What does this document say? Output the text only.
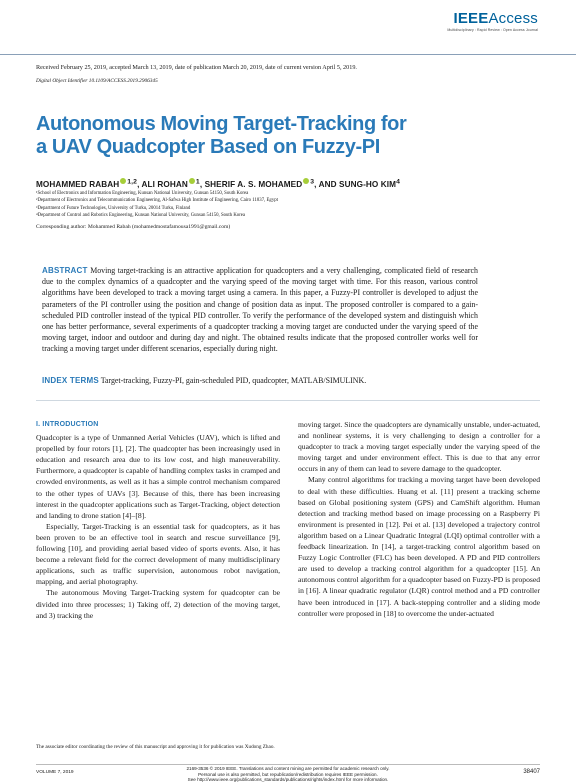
IEEEAccess
Multidisciplinary : Rapid Review : Open Access Journal
Received February 25, 2019, accepted March 13, 2019, date of publication March 20, 2019, date of current version April 5, 2019.
Digital Object Identifier 10.1109/ACCESS.2019.2906345
Autonomous Moving Target-Tracking for
a UAV Quadcopter Based on Fuzzy-PI
MOHAMMED RABAH $^{1,2}$, ALI ROHAN $^1$, SHERIF A. S. MOHAMED $^3$, AND SUNG-HO KIM$^4$
¹School of Electronics and Information Engineering, Kunsan National University, Gunsan 54150, South Korea
²Department of Electronics and Telecommunication Engineering, Al-Safwa High Institute of Engineering, Cairo 11837, Egypt
³Department of Future Technologies, University of Turku, 20014 Turku, Finland
⁴Department of Control and Robotics Engineering, Kunsan National University, Gunsan 54150, South Korea
Corresponding author: Mohammed Rabah (mohamedmostafamousa1991@gmail.com)
ABSTRACT Moving target-tracking is an attractive application for quadcopters and a very challenging, complicated field of research due to the complex dynamics of a quadcopter and the varying speed of the moving target with time. For this reason, various control algorithms have been developed to track a moving target using a camera. In this paper, a Fuzzy-PI controller is developed to adjust the parameters of the PI controller using the position and change of position data as input. The proposed controller is compared to a gain-scheduled PID controller instead of the typical PID controller. To verify the performance of the developed system and distinguish which one has better performance, several experiments of a quadcopter tracking a moving target are conducted under the varying speed of the moving target, indoor and outdoor and during day and night. The obtained results indicate that the proposed controller works well for tracking a moving target under different scenarios, especially during night.
INDEX TERMS Target-tracking, Fuzzy-PI, gain-scheduled PID, quadcopter, MATLAB/SIMULINK.
I. INTRODUCTION

Quadcopter is a type of Unmanned Aerial Vehicles (UAV), which is lifted and propelled by four rotors [1], [2]. The quadcopter has been increasingly used in education and research area due to its low cost, and high maneuverability. Furthermore, a quadcopter is capable of handling complex tasks in cramped and crowded environments, as well as it has a simple control mechanism compared to the other types of UAVs [3]. Because of this, there has been increasing interest in the quadcopter applications such as Target-Tracking, object detection and landing to drone station [4]–[8].

Especially, Target-Tracking is an essential task for quadcopters, as it has been proven to be an effective tool in search and rescue surveillance [9], following [10], and providing aerial based video of sports events. Also, it has become a relevant field for the correct development of many multidisciplinary applications, such as traffic supervision, autonomous robot navigation, mapping, and aerial photography.

The autonomous Moving Target-Tracking system for quadcopter can be divided into three processes; 1) Taking off, 2) detection of the moving target, and 3) tracking the

moving target. Since the quadcopters are dynamically unstable, under-actuated, and nonlinear systems, it is very challenging to design a controller for a quadcopter to track a moving target especially under the varying speed of the moving target and under environment effect. This is due to that any error occurs in any of them can lead to severe damage to the quadcopter.

Many control algorithms for tracking a moving target have been developed to deal with these difficulties. Huang et al. [11] present a tracking scheme based on Global positioning system (GPS) and CamShift algorithm. Human detection and tracking method based on image processing on a Raspberry Pi environment is presented in [12]. Pei et al. [13] developed a trajectory control algorithm based on a Linear Quadratic Integral (LQI) optimal controller with a feedback linearization. In [14], a target-tracking control algorithm based on Fuzzy Logic Controller (FLC) has been developed. A PD and PID controllers are used to develop a tracking control algorithm for a quadcopter [15]. An autonomous control algorithm for a quadcopter based on Fuzzy-PD is proposed in [16]. A linear quadratic regulator (LQR) control method and a PD controller have been introduced in [17]. A back-stepping controller and a sliding mode controller were proposed in [18] to overcome the under-actuated

The associate editor coordinating the review of this manuscript and approving it for publication was Xudong Zhao.
VOLUME 7, 2019
2169-3536 © 2019 IEEE. Translations and content mining are permitted for academic research only.
Personal use is also permitted, but republication/redistribution requires IEEE permission.
See http://www.ieee.org/publications_standards/publications/rights/index.html for more information.
38407
